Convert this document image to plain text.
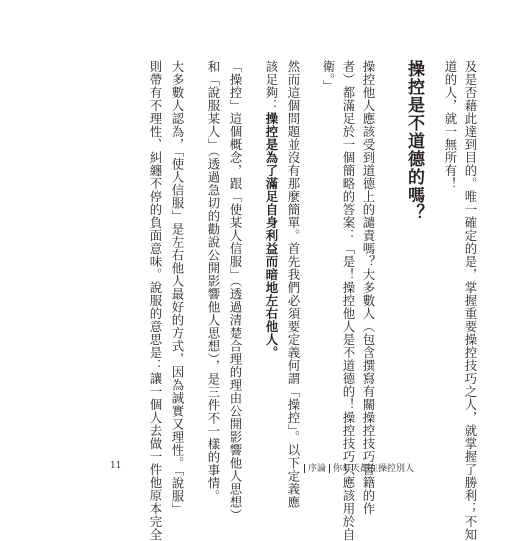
及是否藉此達到目的。唯一確定的是，掌握重要操控技巧之人，就掌握了勝利；不知
道的人，就一無所有！
操控是不道德的嗎？
操控他人應該受到道德上的譴責嗎？大多數人（包含撰寫有關操控技巧書籍的作
者）都滿足於一個簡略的答案：「是！操控他人是不道德的！操控技巧只應該用於自
衛。」
然而這個問題並沒有那麼簡單。首先我們必須要定義何謂「操控」。以下定義應
該足夠：操控是為了滿足自身利益而暗地左右他人。
「操控」這個概念，跟「使某人信服」（透過清楚合理的理由公開影響他人思想）
和「說服某人」（透過急切的勸說公開影響他人思想），是三件不一樣的事情。
大多數人認為，「使人信服」是左右他人最好的方式，因為誠實又理性。「說服」
則帶有不理性、糾纏不停的負面意味。說服的意思是：讓一個人去做一件他原本完全
11	序論 你每天都在操控別人
